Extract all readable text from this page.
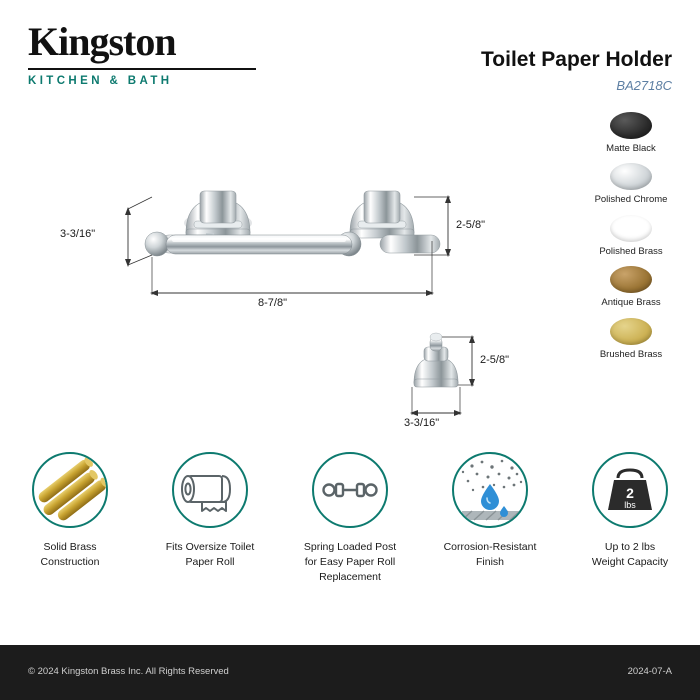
Kingston
KITCHEN & BATH
Toilet Paper Holder
BA2718C
Matte Black
Polished Chrome
Polished Brass
Antique Brass
Brushed Brass
3-3/16"
2-5/8"
8-7/8"
2-5/8"
3-3/16"
Solid Brass
Construction
Fits Oversize Toilet
Paper Roll
Spring Loaded Post
for Easy Paper Roll
Replacement
Corrosion-Resistant
Finish
2
lbs
Up to 2 lbs
Weight Capacity
© 2024 Kingston Brass Inc. All Rights Reserved	2024-07-A
